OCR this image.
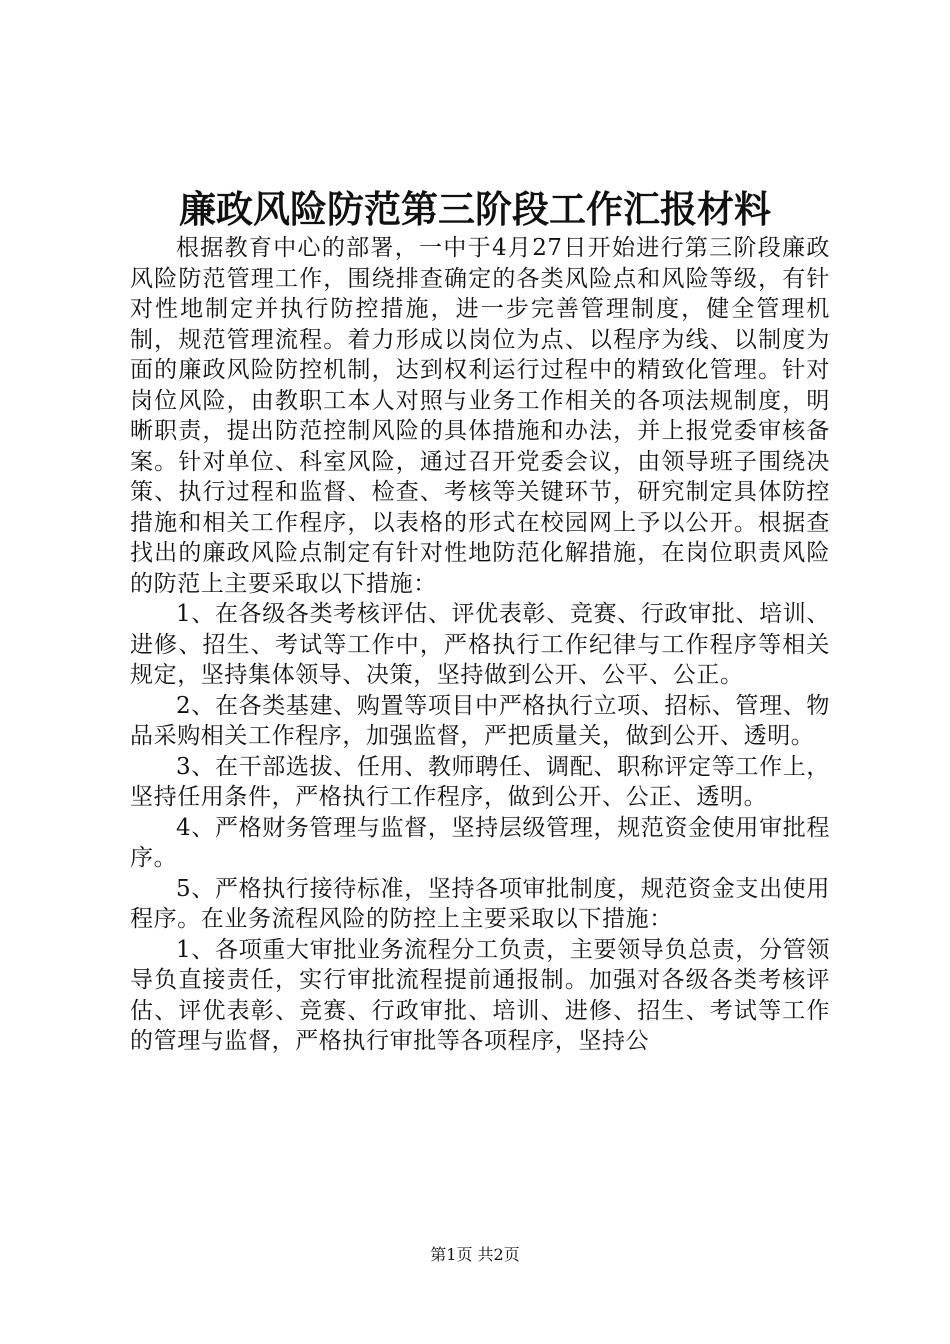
廉政风险防范第三阶段工作汇报材料

根据教育中心的部署，一中于4月27日开始进行第三阶段廉政风险防范管理工作，围绕排查确定的各类风险点和风险等级，有针对性地制定并执行防控措施，进一步完善管理制度，健全管理机制，规范管理流程。着力形成以岗位为点、以程序为线、以制度为面的廉政风险防控机制，达到权利运行过程中的精致化管理。针对岗位风险，由教职工本人对照与业务工作相关的各项法规制度，明晰职责，提出防范控制风险的具体措施和办法，并上报党委审核备案。针对单位、科室风险，通过召开党委会议，由领导班子围绕决策、执行过程和监督、检查、考核等关键环节，研究制定具体防控措施和相关工作程序，以表格的形式在校园网上予以公开。根据查找出的廉政风险点制定有针对性地防范化解措施，在岗位职责风险的防范上主要采取以下措施：

1、在各级各类考核评估、评优表彰、竞赛、行政审批、培训、进修、招生、考试等工作中，严格执行工作纪律与工作程序等相关规定，坚持集体领导、决策，坚持做到公开、公平、公正。

2、在各类基建、购置等项目中严格执行立项、招标、管理、物品采购相关工作程序，加强监督，严把质量关，做到公开、透明。

3、在干部选拔、任用、教师聘任、调配、职称评定等工作上，坚持任用条件，严格执行工作程序，做到公开、公正、透明。

4、严格财务管理与监督，坚持层级管理，规范资金使用审批程序。

5、严格执行接待标准，坚持各项审批制度，规范资金支出使用程序。在业务流程风险的防控上主要采取以下措施：

1、各项重大审批业务流程分工负责，主要领导负总责，分管领导负直接责任，实行审批流程提前通报制。加强对各级各类考核评估、评优表彰、竞赛、行政审批、培训、进修、招生、考试等工作的管理与监督，严格执行审批等各项程序，坚持公

第1页 共2页
